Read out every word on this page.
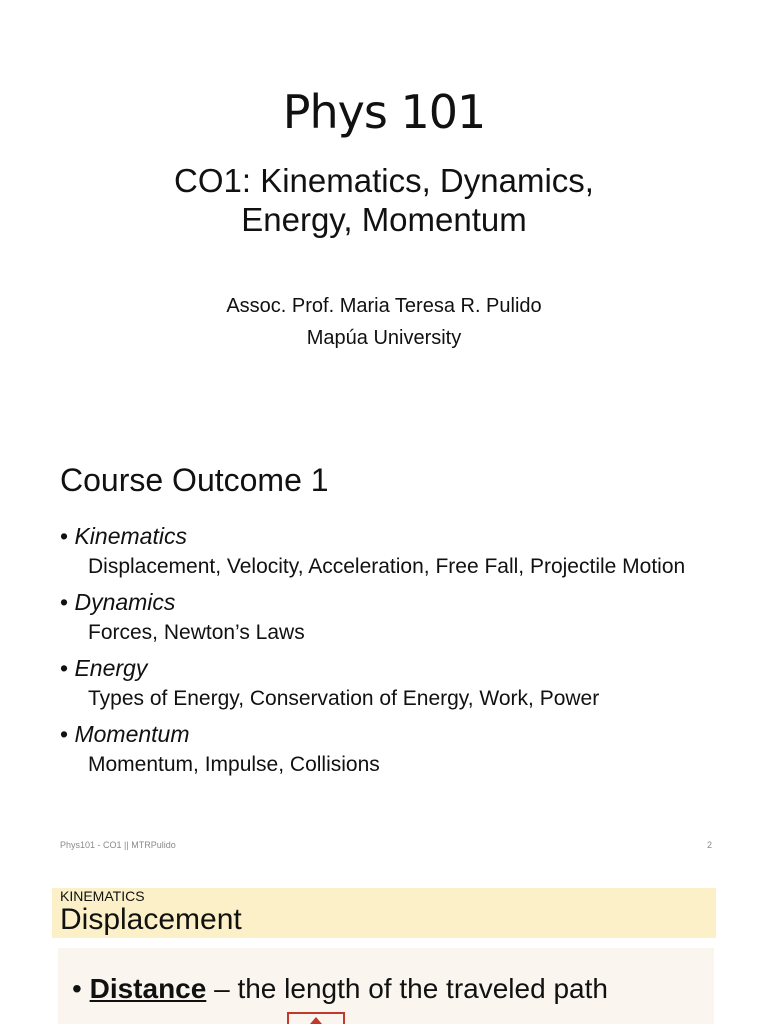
Phys 101
CO1: Kinematics, Dynamics,
Energy, Momentum
Assoc. Prof. Maria Teresa R. Pulido
Mapúa University
Course Outcome 1
• Kinematics
Displacement, Velocity, Acceleration, Free Fall, Projectile Motion
• Dynamics
Forces, Newton’s Laws
• Energy
Types of Energy, Conservation of Energy, Work, Power
• Momentum
Momentum, Impulse, Collisions
Phys101 - CO1 || MTRPulido	2
KINEMATICS
Displacement
• Distance – the length of the traveled path
